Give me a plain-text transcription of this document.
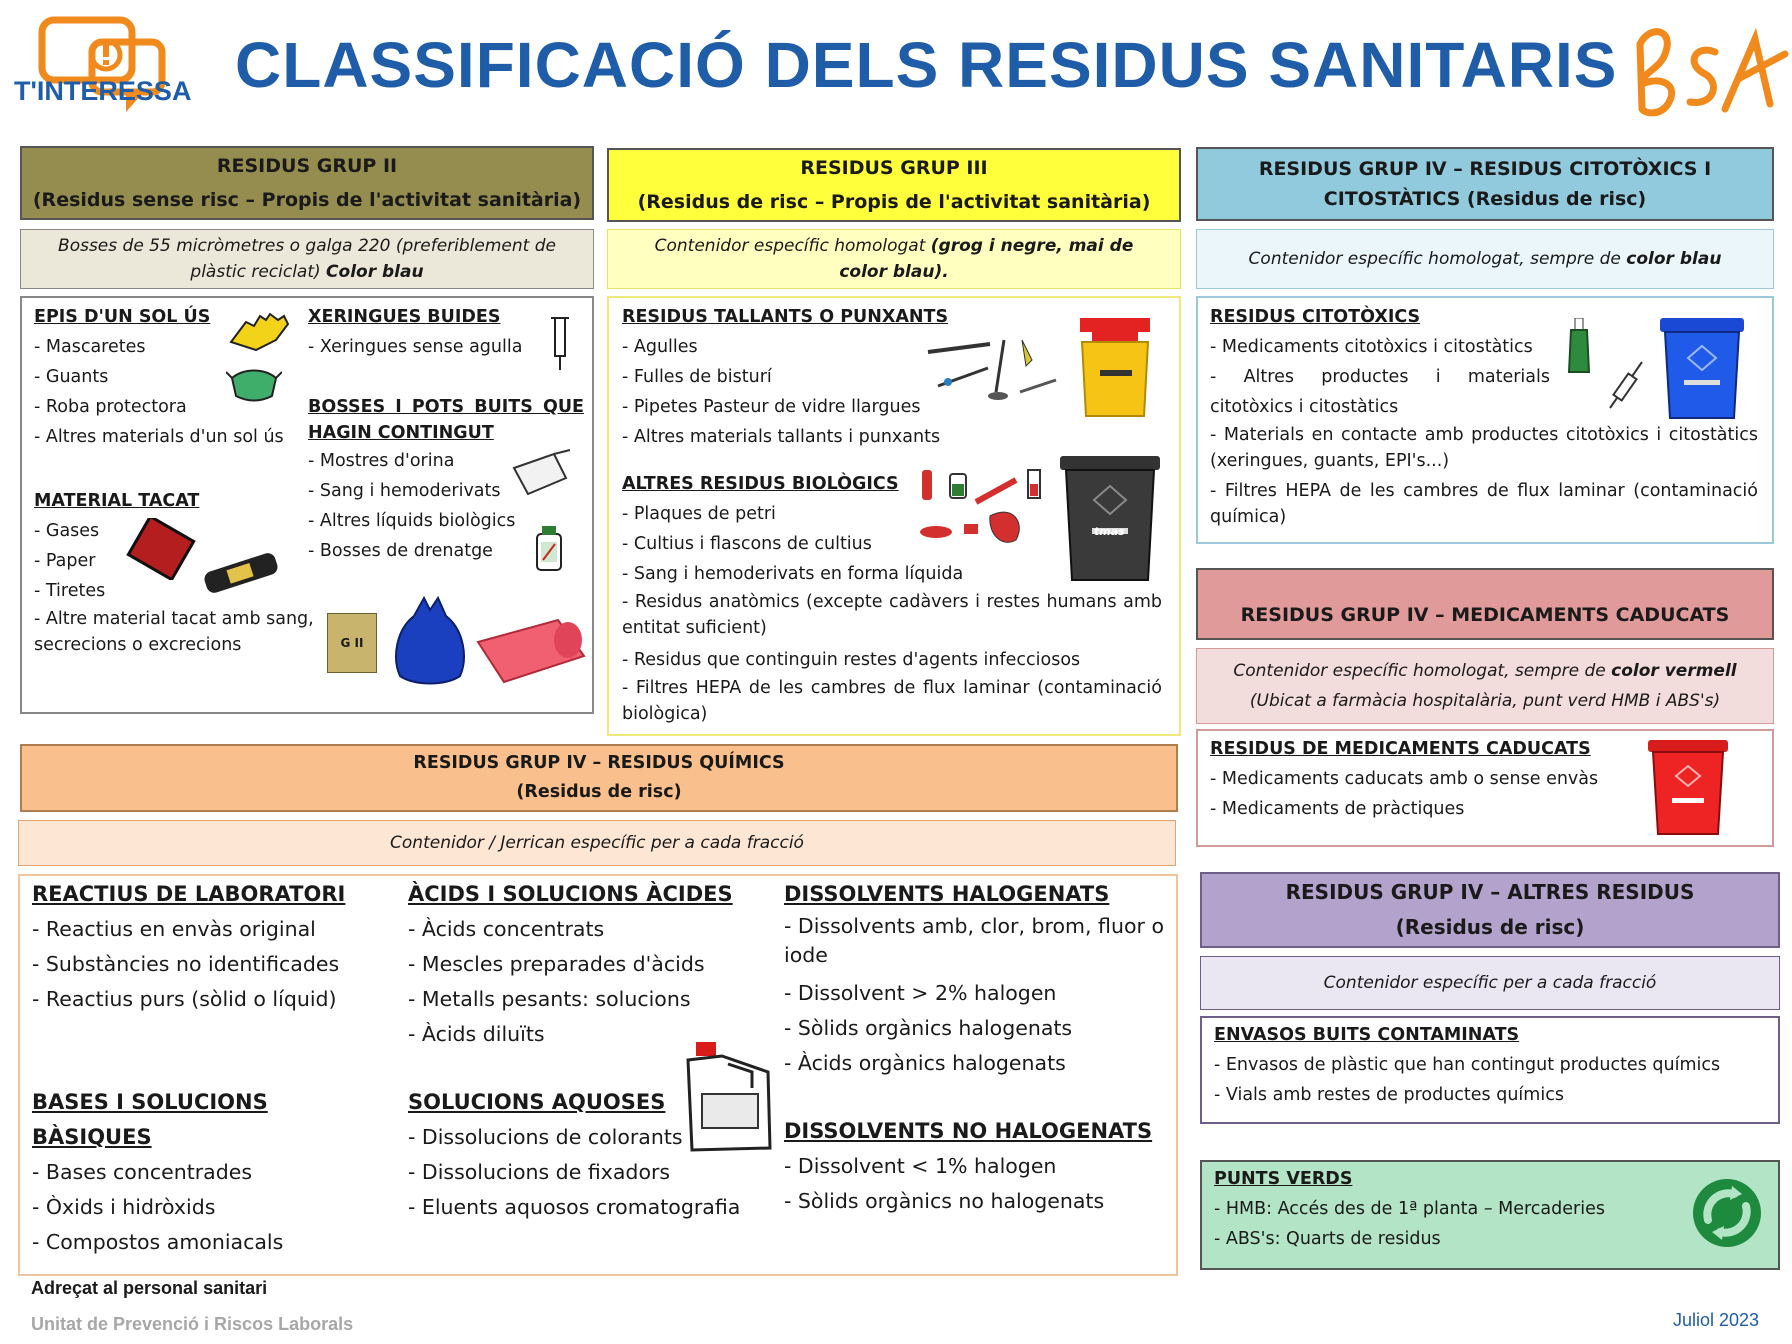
T'INTERESSA CLASSIFICACIÓ DELS RESIDUS SANITARIS
RESIDUS GRUP II
(Residus sense risc – Propis de l'activitat sanitària)
Bosses de 55 micròmetres o galga 220 (preferiblement de plàstic reciclat) Color blau
EPIS D'UN SOL ÚS
- Mascaretes
- Guants
- Roba protectora
- Altres materials d'un sol ús
MATERIAL TACAT
- Gases
- Paper
- Tiretes
- Altre material tacat amb sang, secrecions o excrecions
XERINGUES BUIDES
- Xeringues sense agulla
BOSSES I POTS BUITS QUE HAGIN CONTINGUT
- Mostres d'orina
- Sang i hemoderivats
- Altres líquids biològics
- Bosses de drenatge
G II
RESIDUS GRUP III
(Residus de risc – Propis de l'activitat sanitària)
Contenidor específic homologat (grog i negre, mai de color blau).
RESIDUS TALLANTS O PUNXANTS
- Agulles
- Fulles de bisturí
- Pipetes Pasteur de vidre llargues
- Altres materials tallants i punxants
ALTRES RESIDUS BIOLÒGICS
- Plaques de petri
- Cultius i flascons de cultius
- Sang i hemoderivats en forma líquida
- Residus anatòmics (excepte cadàvers i restes humans amb entitat suficient)
- Residus que continguin restes d'agents infecciosos
- Filtres HEPA de les cambres de flux laminar (contaminació biològica)
tmas
RESIDUS GRUP IV – RESIDUS CITOTÒXICS I CITOSTÀTICS (Residus de risc)
Contenidor específic homologat, sempre de color blau
RESIDUS CITOTÒXICS
- Medicaments citotòxics i citostàtics
- Altres productes i materials citotòxics i citostàtics
- Materials en contacte amb productes citotòxics i citostàtics (xeringues, guants, EPI's...)
- Filtres HEPA de les cambres de flux laminar (contaminació química)
RESIDUS GRUP IV – MEDICAMENTS CADUCATS
Contenidor específic homologat, sempre de color vermell
(Ubicat a farmàcia hospitalària, punt verd HMB i ABS's)
RESIDUS DE MEDICAMENTS CADUCATS
- Medicaments caducats amb o sense envàs
- Medicaments de pràctiques
RESIDUS GRUP IV – RESIDUS QUÍMICS
(Residus de risc)
Contenidor / Jerrican específic per a cada fracció
REACTIUS DE LABORATORI
- Reactius en envàs original
- Substàncies no identificades
- Reactius purs (sòlid o líquid)
BASES I SOLUCIONS BÀSIQUES
- Bases concentrades
- Òxids i hidròxids
- Compostos amoniacals
ÀCIDS I SOLUCIONS ÀCIDES
- Àcids concentrats
- Mescles preparades d'àcids
- Metalls pesants: solucions
- Àcids diluïts
SOLUCIONS AQUOSES
- Dissolucions de colorants
- Dissolucions de fixadors
- Eluents aquosos cromatografia
DISSOLVENTS HALOGENATS
- Dissolvents amb, clor, brom, fluor o iode
- Dissolvent > 2% halogen
- Sòlids orgànics halogenats
- Àcids orgànics halogenats
DISSOLVENTS NO HALOGENATS
- Dissolvent < 1% halogen
- Sòlids orgànics no halogenats
RESIDUS GRUP IV – ALTRES RESIDUS
(Residus de risc)
Contenidor específic per a cada fracció
ENVASOS BUITS CONTAMINATS
- Envasos de plàstic que han contingut productes químics
- Vials amb restes de productes químics
PUNTS VERDS
- HMB: Accés des de 1ª planta – Mercaderies
- ABS's: Quarts de residus
Adreçat al personal sanitari
Unitat de Prevenció i Riscos Laborals	Juliol 2023
